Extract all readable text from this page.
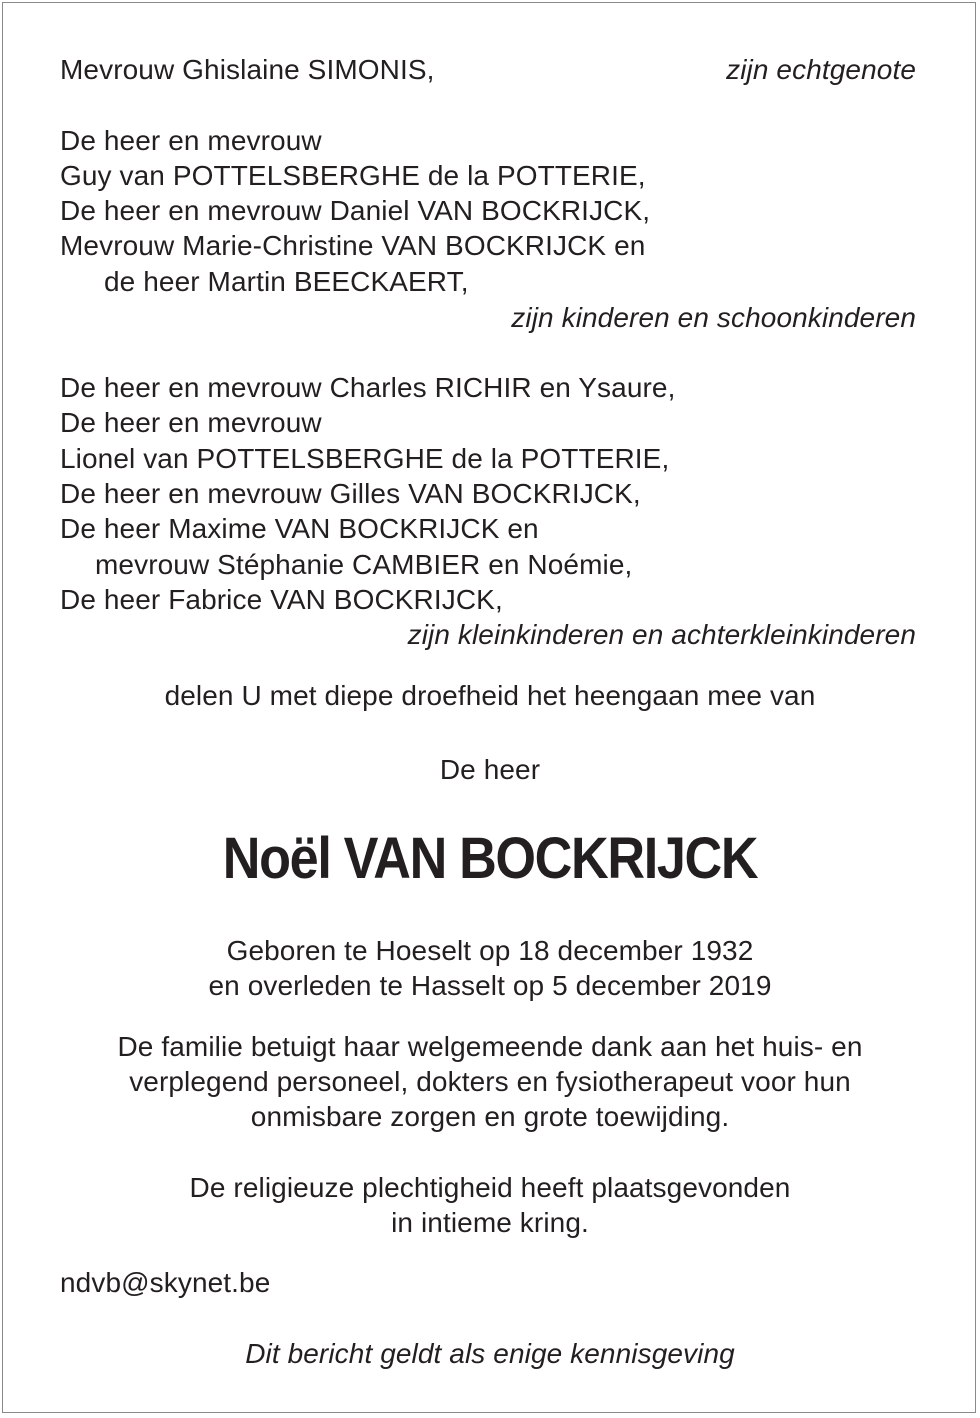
Mevrouw Ghislaine SIMONIS,	zijn echtgenote
De heer en mevrouw
Guy van POTTELSBERGHE de la POTTERIE,
De heer en mevrouw Daniel VAN BOCKRIJCK,
Mevrouw Marie-Christine VAN BOCKRIJCK en
de heer Martin BEECKAERT,
zijn kinderen en schoonkinderen
De heer en mevrouw Charles RICHIR en Ysaure,
De heer en mevrouw
Lionel van POTTELSBERGHE de la POTTERIE,
De heer en mevrouw Gilles VAN BOCKRIJCK,
De heer Maxime VAN BOCKRIJCK en
mevrouw Stéphanie CAMBIER en Noémie,
De heer Fabrice VAN BOCKRIJCK,
zijn kleinkinderen en achterkleinkinderen
delen U met diepe droefheid het heengaan mee van
De heer
Noël VAN BOCKRIJCK
Geboren te Hoeselt op 18 december 1932
en overleden te Hasselt op 5 december 2019
De familie betuigt haar welgemeende dank aan het huis- en
verplegend personeel, dokters en fysiotherapeut voor hun
onmisbare zorgen en grote toewijding.
De religieuze plechtigheid heeft plaatsgevonden
in intieme kring.
ndvb@skynet.be
Dit bericht geldt als enige kennisgeving
